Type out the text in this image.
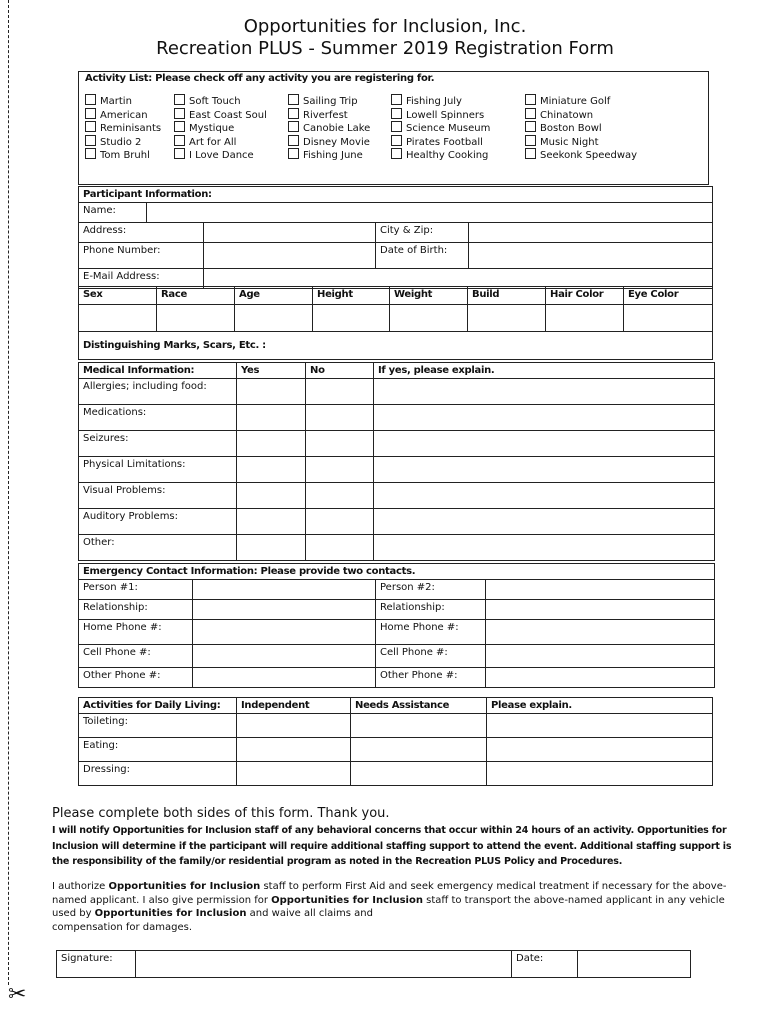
✂
Opportunities for Inclusion, Inc.
Recreation PLUS - Summer 2019 Registration Form
Activity List: Please check off any activity you are registering for.
Martin
American
Reminisants
Studio 2
Tom Bruhl
Soft Touch
East Coast Soul
Mystique
Art for All
I Love Dance
Sailing Trip
Riverfest
Canobie Lake
Disney Movie
Fishing June
Fishing July
Lowell Spinners
Science Museum
Pirates Football
Healthy Cooking
Miniature Golf
Chinatown
Boston Bowl
Music Night
Seekonk Speedway
Participant Information:				
Name:				
Address:			City & Zip:	
Phone Number:			Date of Birth:	
E-Mail Address:				
Sex	Race	Age	Height	Weight	Build	Hair Color	Eye Color

Distinguishing Marks, Scars, Etc. :							
Medical Information:	Yes	No	If yes, please explain.
Allergies; including food:			
Medications:			
Seizures:			
Physical Limitations:			
Visual Problems:			
Auditory Problems:			
Other:			
Emergency Contact Information: Please provide two contacts.			
Person #1:		Person #2:	
Relationship:		Relationship:	
Home Phone #:		Home Phone #:	
Cell Phone #:		Cell Phone #:	
Other Phone #:		Other Phone #:	
Activities for Daily Living:	Independent	Needs Assistance	Please explain.
Toileting:			
Eating:			
Dressing:			
Please complete both sides of this form. Thank you.
I will notify Opportunities for Inclusion staff of any behavioral concerns that occur within 24 hours of an activity. Opportunities for Inclusion will determine if the participant will require additional staffing support to attend the event. Additional staffing support is the responsibility of the family/or residential program as noted in the Recreation PLUS Policy and Procedures.
I authorize Opportunities for Inclusion staff to perform First Aid and seek emergency medical treatment if necessary for the above-named applicant. I also give permission for Opportunities for Inclusion staff to transport the above-named applicant in any vehicle used by Opportunities for Inclusion and waive all claims and
compensation for damages.
Signature:		Date:	
